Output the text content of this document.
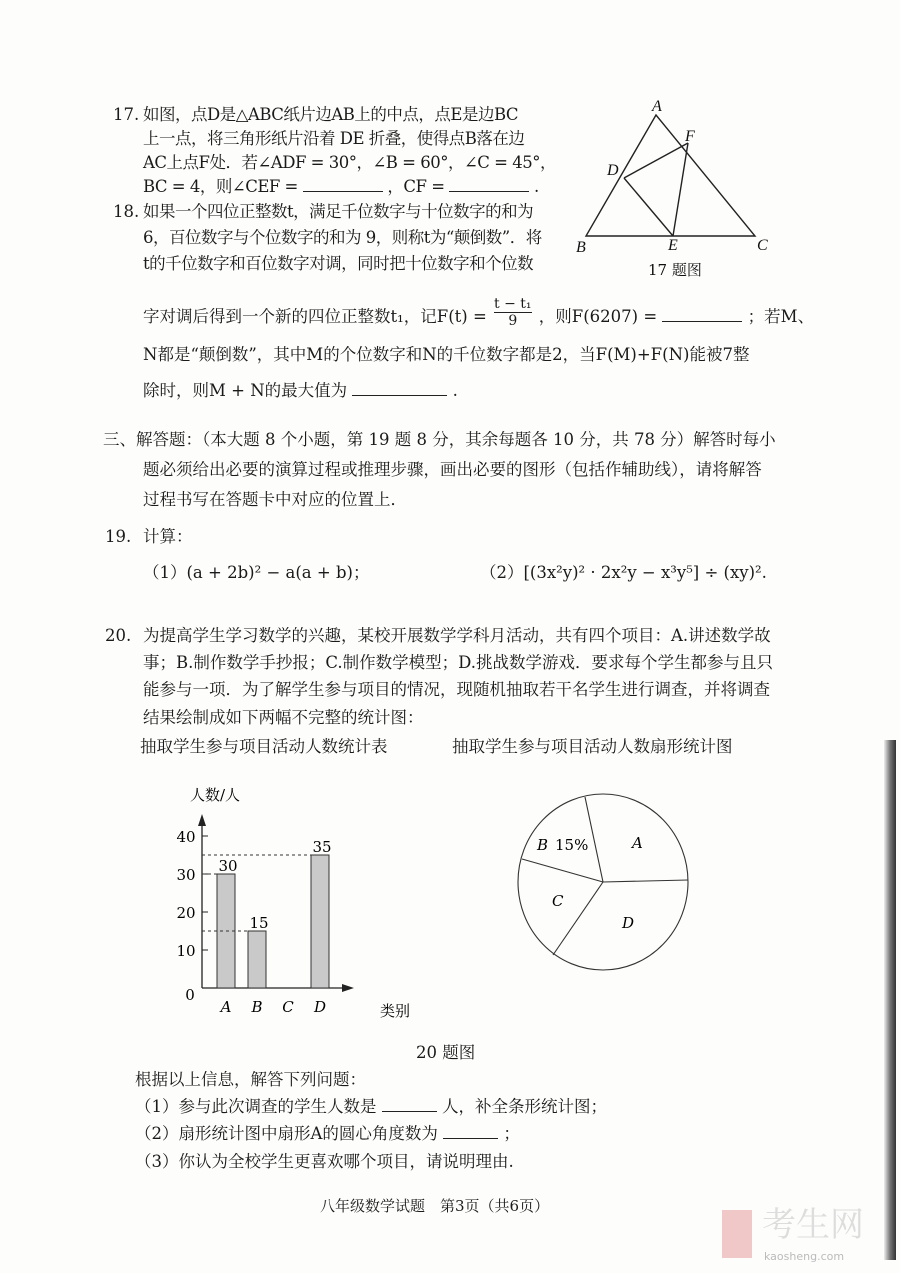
17. 如图，点D是△ABC纸片边AB上的中点，点E是边BC
上一点，将三角形纸片沿着 DE 折叠，使得点B落在边
AC上点F处．若∠ADF = 30°，∠B = 60°，∠C = 45°，
BC = 4，则∠CEF =	，CF =	.
A
B	C
D
E
F
17 题图
18. 如果一个四位正整数t，满足千位数字与十位数字的和为
6，百位数字与个位数字的和为 9，则称t为“颠倒数”．将
t的千位数字和百位数字对调，同时把十位数字和个位数
字对调后得到一个新的四位正整数t₁，记$F(t) = \frac{\text{t − t₁}}{9}$ ，则F(6207) =	；若M、
N都是“颠倒数”，其中M的个位数字和N的千位数字都是2，当F(M)+F(N)能被7整
除时，则M + N的最大值为	.
三、解答题：（本大题 8 个小题，第 19 题 8 分，其余每题各 10 分，共 78 分）解答时每小
题必须给出必要的演算过程或推理步骤，画出必要的图形（包括作辅助线），请将解答
过程书写在答题卡中对应的位置上．
19. 计算：
（1）(a + 2b)² − a(a + b)；	（2）[(3x²y)² · 2x²y − x³y⁵] ÷ (xy)².
20. 为提高学生学习数学的兴趣，某校开展数学学科月活动，共有四个项目：A.讲述数学故
事；B.制作数学手抄报；C.制作数学模型；D.挑战数学游戏．要求每个学生都参与且只
能参与一项．为了解学生参与项目的情况，现随机抽取若干名学生进行调查，并将调查
结果绘制成如下两幅不完整的统计图：
抽取学生参与项目活动人数统计表	抽取学生参与项目活动人数扇形统计图
人数/人
类别
0
10
20
30
40
30
A
15
B C
35
D
A
B 15%
C
D
20 题图
根据以上信息，解答下列问题：
（1）参与此次调查的学生人数是	人，补全条形统计图；
（2）扇形统计图中扇形A的圆心角度数为	；
（3）你认为全校学生更喜欢哪个项目，请说明理由.
八年级数学试题　第3页（共6页）	考生网
kaosheng.com
